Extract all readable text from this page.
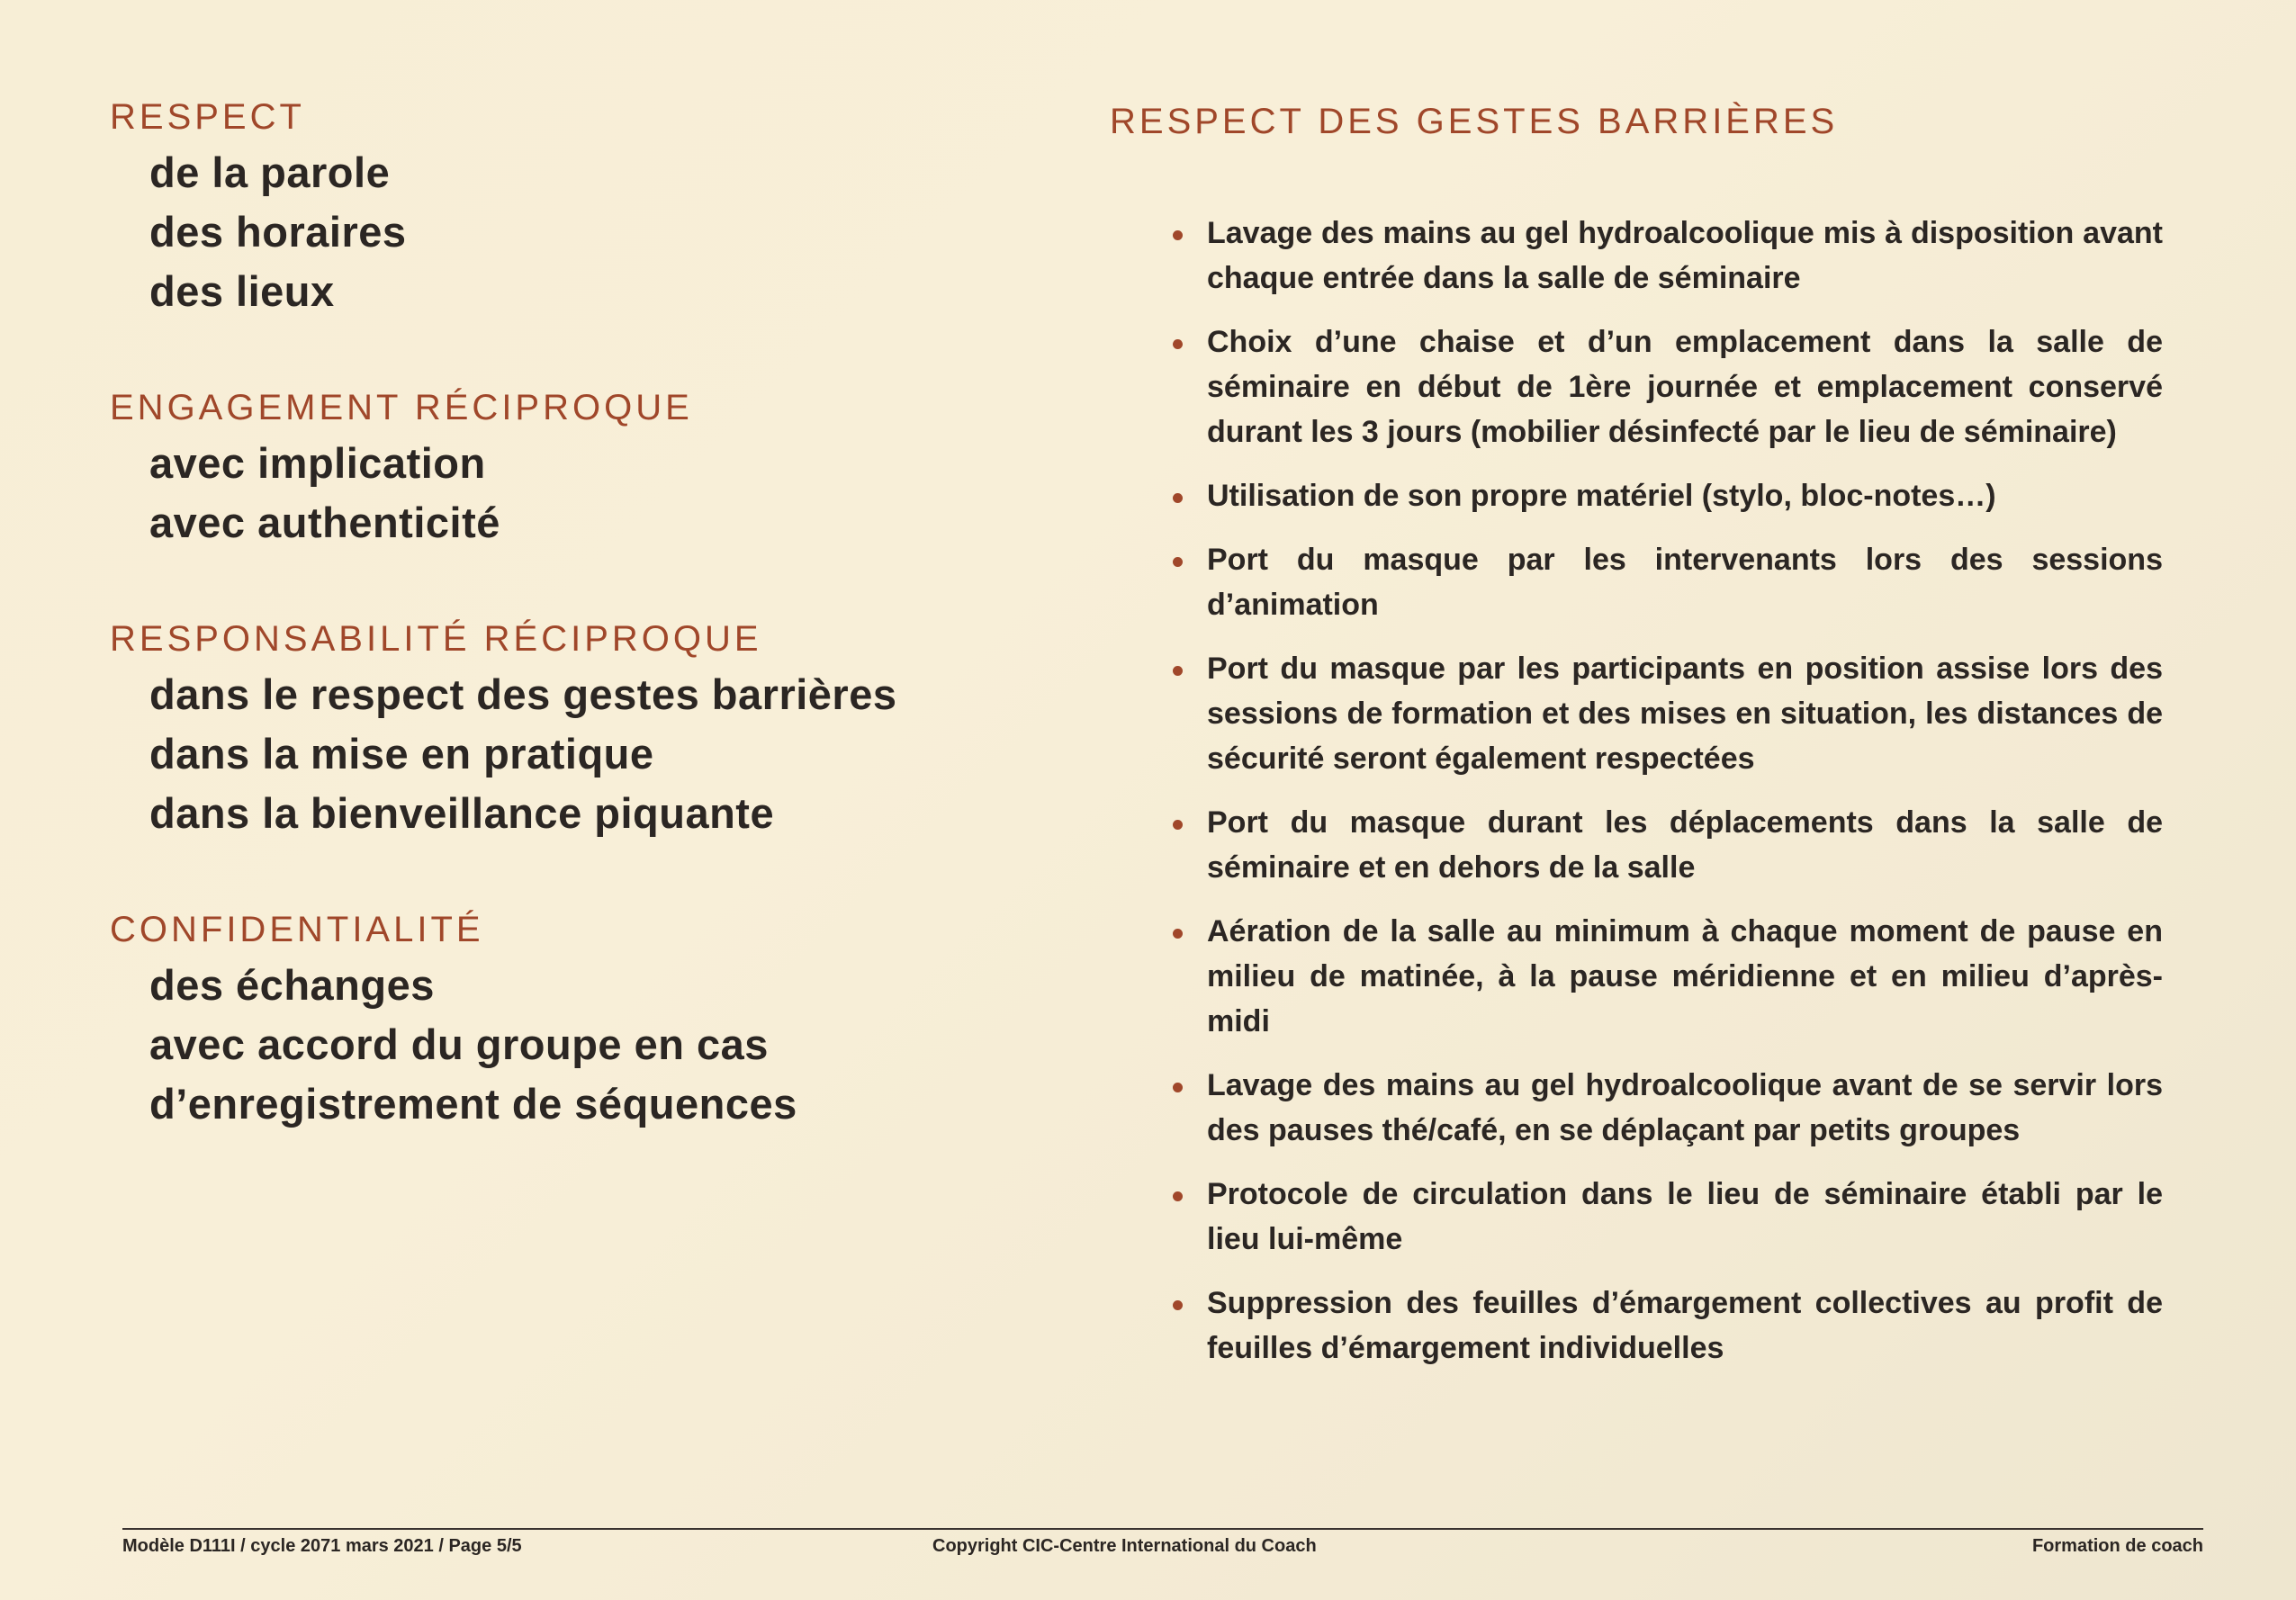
RESPECT
de la parole
des horaires
des lieux
ENGAGEMENT RÉCIPROQUE
avec implication
avec authenticité
RESPONSABILITÉ RÉCIPROQUE
dans le respect des gestes barrières
dans la mise en pratique
dans la bienveillance piquante
CONFIDENTIALITÉ
des échanges
avec accord du groupe en cas
d’enregistrement de séquences
RESPECT DES GESTES BARRIÈRES
Lavage des mains au gel hydroalcoolique mis à disposition avant chaque entrée dans la salle de séminaire
Choix d’une chaise et d’un emplacement dans la salle de séminaire en début de 1ère journée et emplacement conservé durant les 3 jours (mobilier désinfecté par le lieu de séminaire)
Utilisation de son propre matériel (stylo, bloc-notes…)
Port du masque par les intervenants lors des sessions d’animation
Port du masque par les participants en position assise lors des sessions de formation et des mises en situation, les distances de sécurité seront également respectées
Port du masque durant les déplacements dans la salle de séminaire et en dehors de la salle
Aération de la salle au minimum à chaque moment de pause en milieu de matinée, à la pause méridienne et en milieu d’après-midi
Lavage des mains au gel hydroalcoolique avant de se servir lors des pauses thé/café, en se déplaçant par petits groupes
Protocole de circulation dans le lieu de séminaire établi par le lieu lui-même
Suppression des feuilles d’émargement collectives au profit de feuilles d’émargement individuelles
Modèle D111I / cycle 2071 mars 2021 / Page 5/5	Copyright CIC-Centre International du Coach	Formation de coach
